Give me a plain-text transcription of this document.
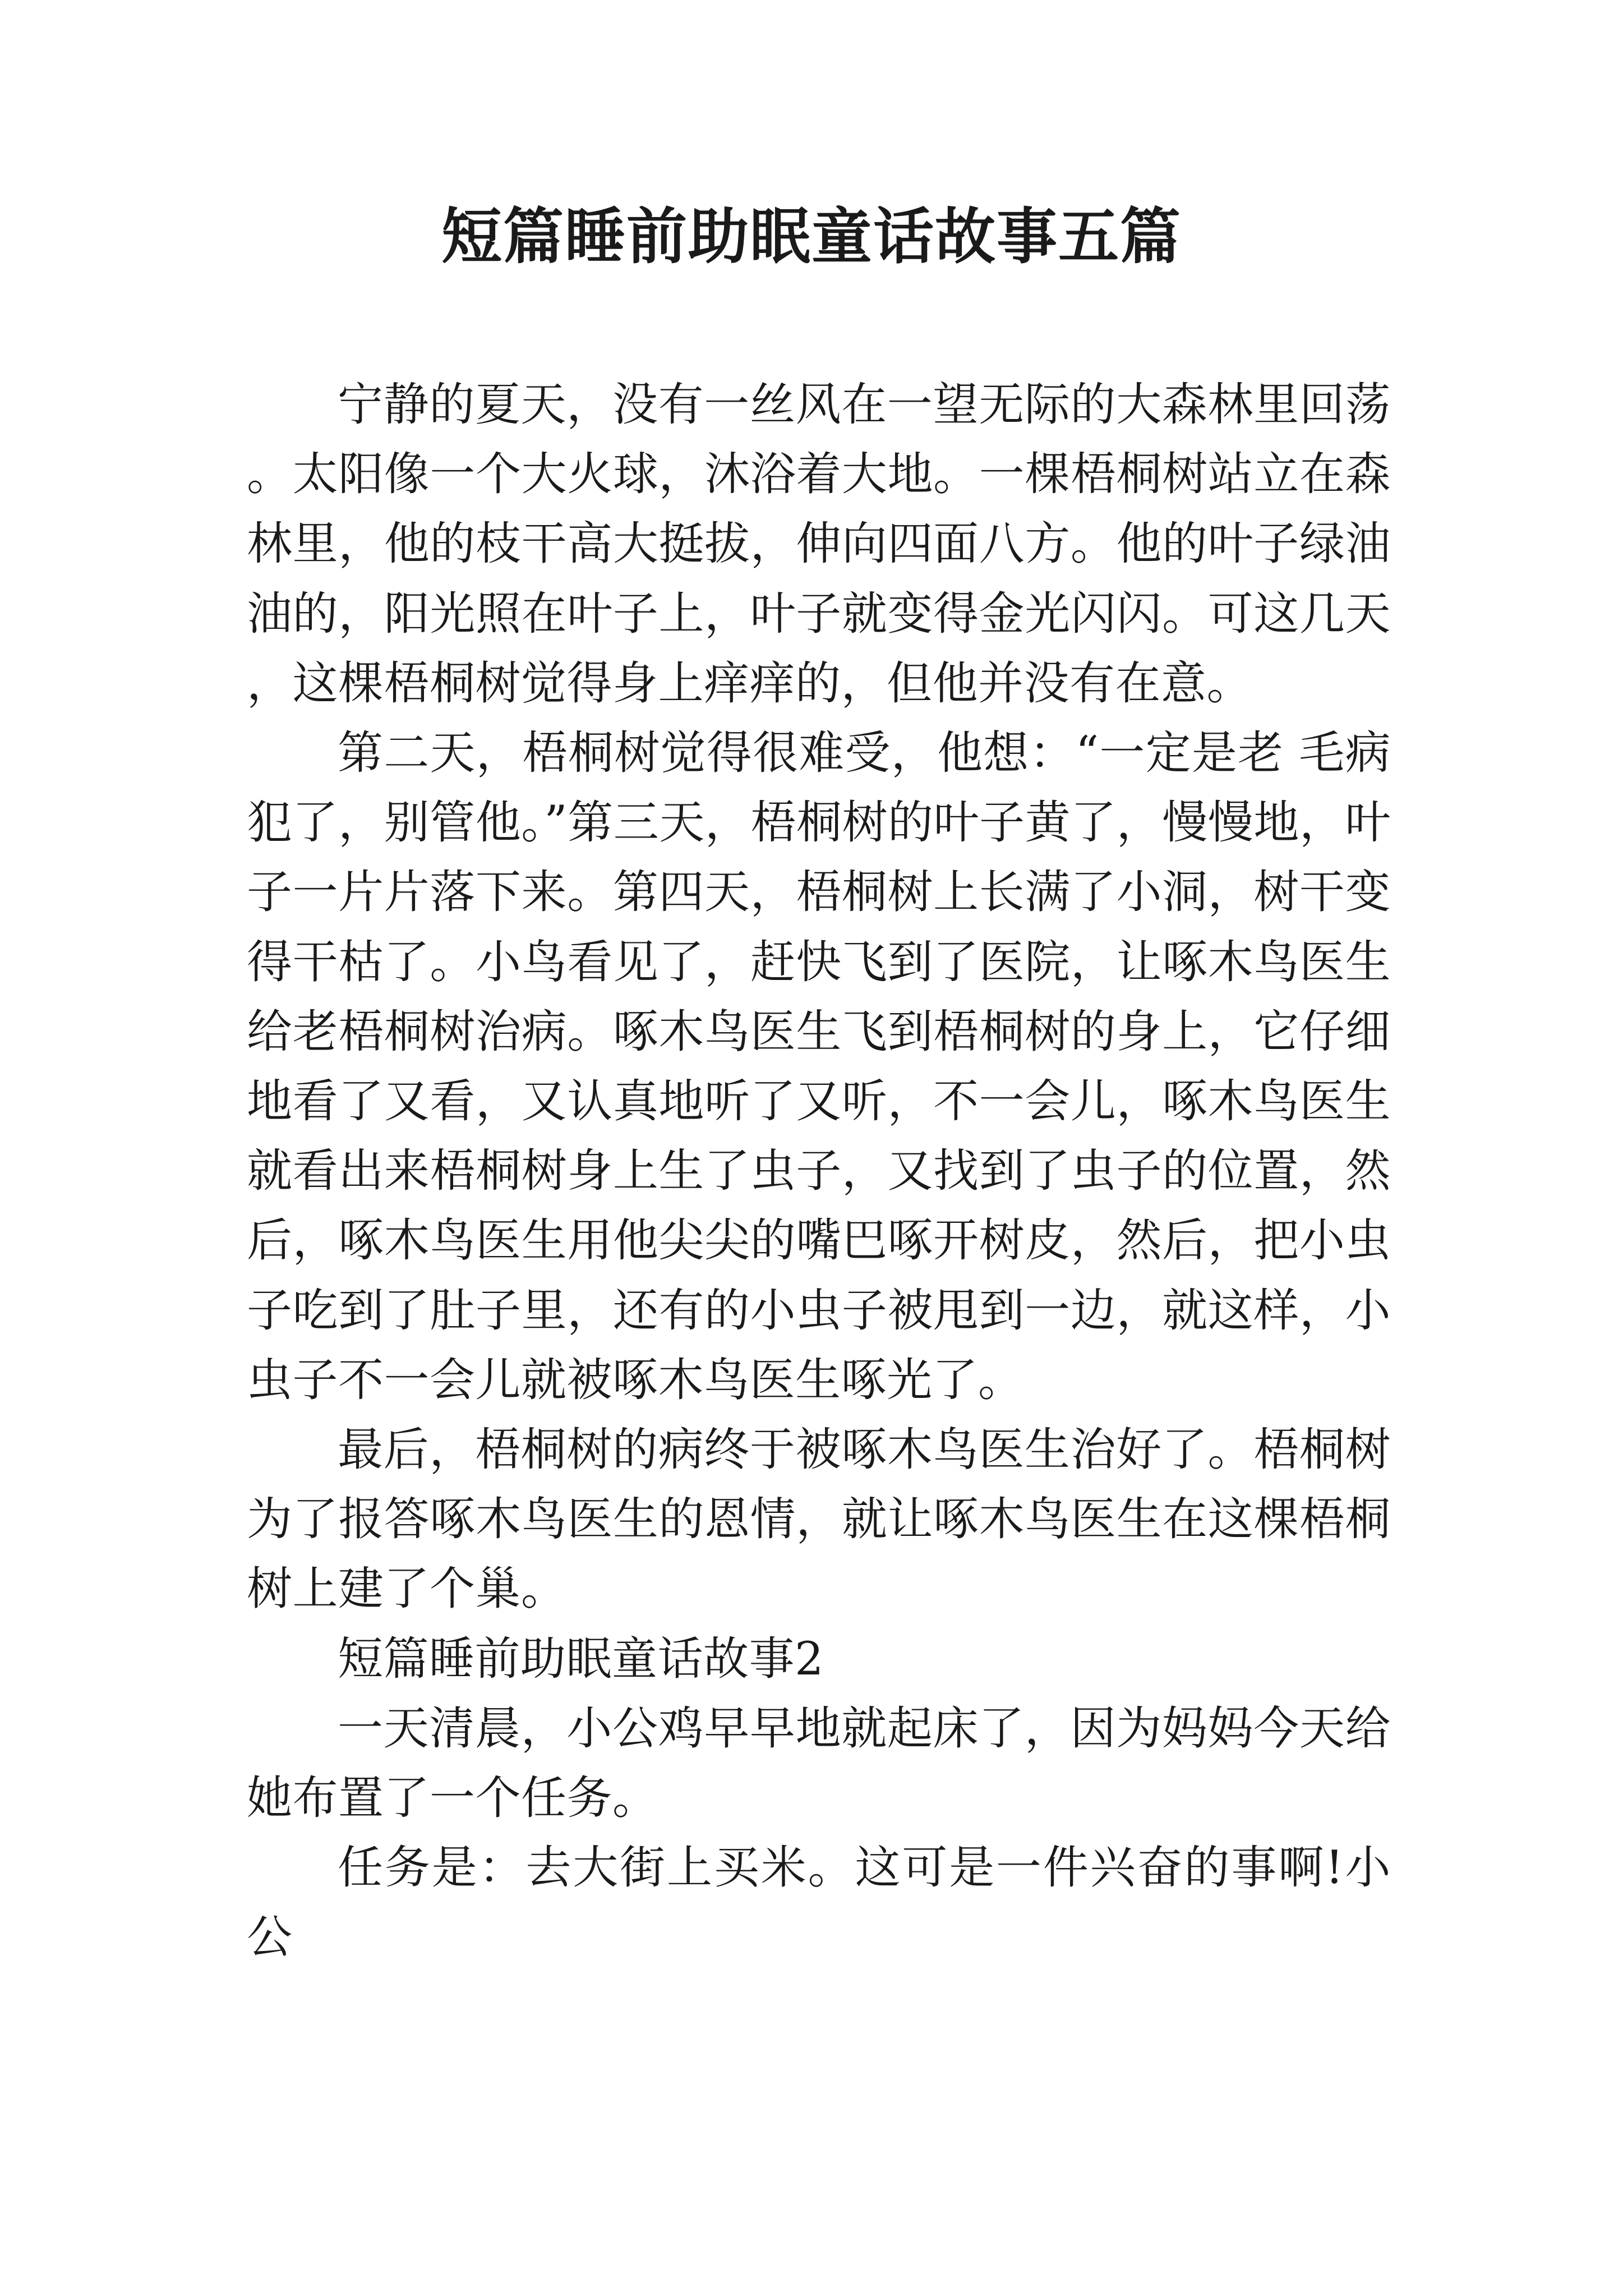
短篇睡前助眠童话故事五篇

宁静的夏天，没有一丝风在一望无际的大森林里回荡。太阳像一个大火球，沐浴着大地。一棵梧桐树站立在森林里，他的枝干高大挺拔，伸向四面八方。他的叶子绿油油的，阳光照在叶子上，叶子就变得金光闪闪。可这几天，这棵梧桐树觉得身上痒痒的，但他并没有在意。

第二天，梧桐树觉得很难受，他想：“一定是老 毛病犯了，别管他。”第三天，梧桐树的叶子黄了，慢慢地，叶子一片片落下来。第四天，梧桐树上长满了小洞，树干变得干枯了。小鸟看见了，赶快飞到了医院，让啄木鸟医生给老梧桐树治病。啄木鸟医生飞到梧桐树的身上，它仔细地看了又看，又认真地听了又听，不一会儿，啄木鸟医生就看出来梧桐树身上生了虫子，又找到了虫子的位置，然后，啄木鸟医生用他尖尖的嘴巴啄开树皮，然后，把小虫子吃到了肚子里，还有的小虫子被甩到一边，就这样，小虫子不一会儿就被啄木鸟医生啄光了。

最后，梧桐树的病终于被啄木鸟医生治好了。梧桐树为了报答啄木鸟医生的恩情，就让啄木鸟医生在这棵梧桐树上建了个巢。

短篇睡前助眠童话故事2

一天清晨，小公鸡早早地就起床了，因为妈妈今天给她布置了一个任务。

任务是：去大街上买米。这可是一件兴奋的事啊!小公
